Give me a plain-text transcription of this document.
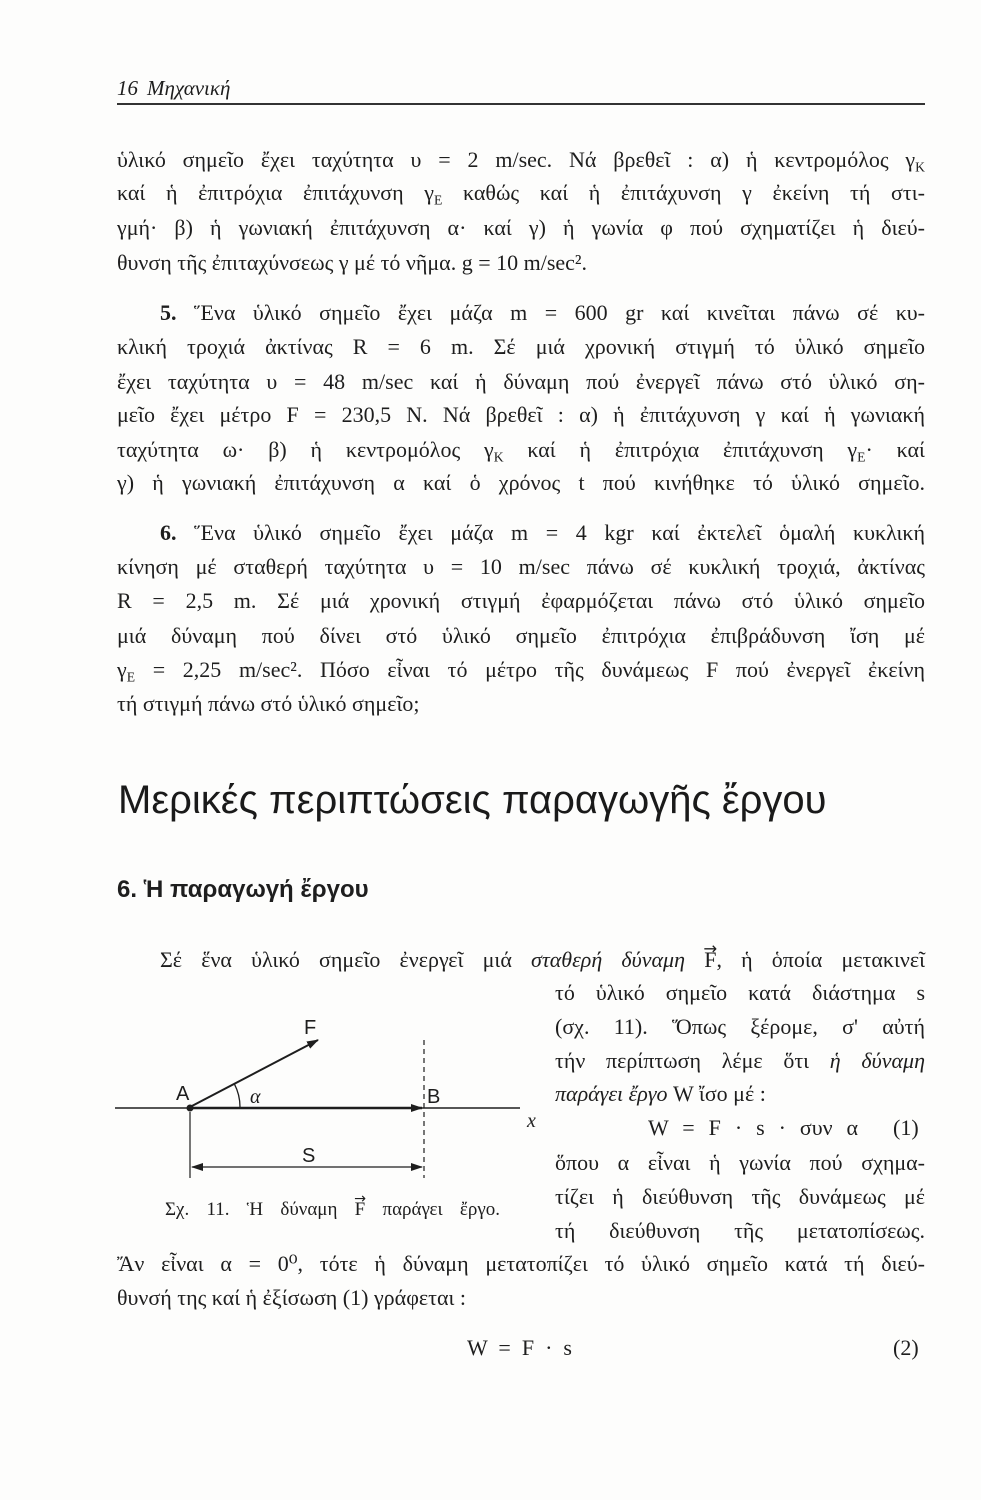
16 Μηχανική
ὑλικό σημεῖο ἔχει ταχύτητα υ = 2 m/sec. Νά βρεθεῖ : α) ἡ κεντρομόλος $\gamma_K$
καί ἡ ἐπιτρόχια ἐπιτάχυνση $\gamma_E$ καθώς καί ἡ ἐπιτάχυνση γ ἐκείνη τή στι-
γμή· β) ἡ γωνιακή ἐπιτάχυνση α· καί γ) ἡ γωνία φ πού σχηματίζει ἡ διεύ-
θυνση τῆς ἐπιταχύνσεως γ μέ τό νῆμα. g = 10 m/sec².
5. Ἕνα ὑλικό σημεῖο ἔχει μάζα m = 600 gr καί κινεῖται πάνω σέ κυ-
κλική τροχιά ἀκτίνας R = 6 m. Σέ μιά χρονική στιγμή τό ὑλικό σημεῖο
ἔχει ταχύτητα υ = 48 m/sec καί ἡ δύναμη πού ἐνεργεῖ πάνω στό ὑλικό ση-
μεῖο ἔχει μέτρο F = 230,5 N. Νά βρεθεῖ : α) ἡ ἐπιτάχυνση γ καί ἡ γωνιακή
ταχύτητα ω· β) ἡ κεντρομόλος $\gamma_K$ καί ἡ ἐπιτρόχια ἐπιτάχυνση $\gamma_E\cdot \kappa\alpha ί$
γ) ἡ γωνιακή ἐπιτάχυνση α καί ὁ χρόνος t πού κινήθηκε τό ὑλικό σημεῖο.
6. Ἕνα ὑλικό σημεῖο ἔχει μάζα m = 4 kgr καί ἐκτελεῖ ὁμαλή κυκλική
κίνηση μέ σταθερή ταχύτητα υ = 10 m/sec πάνω σέ κυκλική τροχιά, ἀκτίνας
R = 2,5 m. Σέ μιά χρονική στιγμή ἐφαρμόζεται πάνω στό ὑλικό σημεῖο
μιά δύναμη πού δίνει στό ὑλικό σημεῖο ἐπιτρόχια ἐπιβράδυνση ἴση μέ
$\gamma_E = 2,25$ m/sec². Πόσο εἶναι τό μέτρο τῆς δυνάμεως F πού ἐνεργεῖ ἐκείνη
τή στιγμή πάνω στό ὑλικό σημεῖο;
Μερικές περιπτώσεις παραγωγῆς ἔργου
6. Ἡ παραγωγή ἔργου
Σέ ἕνα ὑλικό σημεῖο ἐνεργεῖ μιά σταθερή δύναμη F →, ἡ ὁποία μετακινεῖ
τό ὑλικό σημεῖο κατά διάστημα s
(σχ. 11). Ὅπως ξέρομε, σ' αὐτή
τήν περίπτωση λέμε ὅτι ἡ δύναμη
παράγει ἔργο W ἴσο μέ :
W = F · s · συν α (1)
ὅπου α εἶναι ἡ γωνία πού σχημα-
τίζει ἡ διεύθυνση τῆς δυνάμεως μέ
τή διεύθυνση τῆς μετατοπίσεως.
Ἄν εἶναι α = 0⁰, τότε ἡ δύναμη μετατοπίζει τό ὑλικό σημεῖο κατά τή διεύ-
θυνσή της καί ἡ ἐξίσωση (1) γράφεται :
W = F · s	(2)
F
A	α	B
x
S
Σχ. 11. Ἡ δύναμη F → παράγει ἔργο.
